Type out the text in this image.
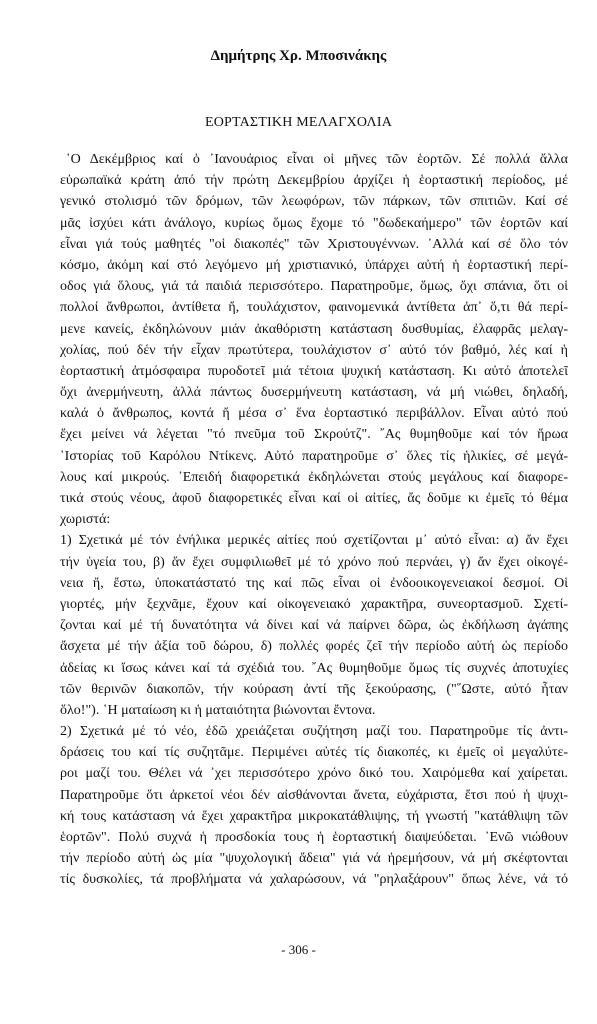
Δημήτρης Χρ. Μποσινάκης
ΕΟΡΤΑΣΤΙΚΗ ΜΕΛΑΓΧΟΛΙΑ
῾Ο Δεκέμβριος καί ὁ ᾿Ιανουάριος εἶναι οἱ μῆνες τῶν ἑορτῶν. Σέ πολλά ἄλλα
εὐρωπαϊκά κράτη ἀπό τήν πρώτη Δεκεμβρίου ἀρχίζει ἡ ἑορταστική περίοδος, μέ
γενικό στολισμό τῶν δρόμων, τῶν λεωφόρων, τῶν πάρκων, τῶν σπιτιῶν. Καί σέ
μᾶς ἰσχύει κάτι ἀνάλογο, κυρίως ὅμως ἔχομε τό "δωδεκαήμερο" τῶν ἑορτῶν καί
εἶναι γιά τούς μαθητές "οἱ διακοπές" τῶν Χριστουγέννων. ᾿Αλλά καί σέ ὅλο τόν
κόσμο, ἀκόμη καί στό λεγόμενο μή χριστιανικό, ὑπάρχει αὐτή ἡ ἑορταστική περί-
οδος γιά ὅλους, γιά τά παιδιά περισσότερο. Παρατηροῦμε, ὅμως, ὄχι σπάνια, ὅτι οἱ
πολλοί ἄνθρωποι, ἀντίθετα ἤ, τουλάχιστον, φαινομενικά ἀντίθετα ἀπ᾿ ὅ,τι θά περί-
μενε κανείς, ἐκδηλώνουν μιάν ἀκαθόριστη κατάσταση δυσθυμίας, ἐλαφρᾶς μελαγ-
χολίας, πού δέν τήν εἶχαν πρωτύτερα, τουλάχιστον σ᾿ αὐτό τόν βαθμό, λές καί ἡ
ἑορταστική ἀτμόσφαιρα πυροδοτεῖ μιά τέτοια ψυχική κατάσταση. Κι αὐτό ἀποτελεῖ
ὄχι ἀνερμήνευτη, ἀλλά πάντως δυσερμήνευτη κατάσταση, νά μή νιώθει, δηλαδή,
καλά ὁ ἄνθρωπος, κοντά ἤ μέσα σ᾿ ἕνα ἑορταστικό περιβάλλον. Εἶναι αὐτό πού
ἔχει μείνει νά λέγεται "τό πνεῦμα τοῦ Σκρούτζ". ῎Ας θυμηθοῦμε καί τόν ἥρωα
῾Ιστορίας τοῦ Καρόλου Ντίκενς. Αὐτό παρατηροῦμε σ᾿ ὅλες τίς ἡλικίες, σέ μεγά-
λους καί μικρούς. ᾿Επειδή διαφορετικά ἐκδηλώνεται στούς μεγάλους καί διαφορε-
τικά στούς νέους, ἀφοῦ διαφορετικές εἶναι καί οἱ αἰτίες, ἄς δοῦμε κι ἐμεῖς τό θέμα
χωριστά:
1) Σχετικά μέ τόν ἐνήλικα μερικές αἰτίες πού σχετίζονται μ᾿ αὐτό εἶναι: α) ἄν ἔχει
τήν ὑγεία του, β) ἄν ἔχει συμφιλιωθεῖ μέ τό χρόνο πού περνάει, γ) ἄν ἔχει οἰκογέ-
νεια ἤ, ἔστω, ὑποκατάστατό της καί πῶς εἶναι οἱ ἐνδοοικογενειακοί δεσμοί. Οἱ
γιορτές, μήν ξεχνᾶμε, ἔχουν καί οἰκογενειακό χαρακτῆρα, συνεορτασμοῦ. Σχετί-
ζονται καί μέ τή δυνατότητα νά δίνει καί νά παίρνει δῶρα, ὡς ἐκδήλωση ἀγάπης
ἄσχετα μέ τήν ἀξία τοῦ δώρου, δ) πολλές φορές ζεῖ τήν περίοδο αὐτή ὡς περίοδο
ἀδείας κι ἴσως κάνει καί τά σχέδιά του. ῎Ας θυμηθοῦμε ὅμως τίς συχνές ἀποτυχίες
τῶν θερινῶν διακοπῶν, τήν κούραση ἀντί τῆς ξεκούρασης, ("῞Ωστε, αὐτό ἦταν
ὅλο!"). ῾Η ματαίωση κι ἡ ματαιότητα βιώνονται ἔντονα.
2) Σχετικά μέ τό νέο, ἐδῶ χρειάζεται συζήτηση μαζί του. Παρατηροῦμε τίς ἀντι-
δράσεις του καί τίς συζητᾶμε. Περιμένει αὐτές τίς διακοπές, κι ἐμεῖς οἱ μεγαλύτε-
ροι μαζί του. Θέλει νά ᾿χει περισσότερο χρόνο δικό του. Χαιρόμεθα καί χαίρεται.
Παρατηροῦμε ὅτι ἀρκετοί νέοι δέν αἰσθάνονται ἄνετα, εὐχάριστα, ἔτσι πού ἡ ψυχι-
κή τους κατάσταση νά ἔχει χαρακτῆρα μικροκατάθλιψης, τή γνωστή "κατάθλιψη τῶν
ἑορτῶν". Πολύ συχνά ἡ προσδοκία τους ἡ ἑορταστική διαψεύδεται. ᾿Ενῶ νιώθουν
τήν περίοδο αὐτή ὡς μία "ψυχολογική ἄδεια" γιά νά ἠρεμήσουν, νά μή σκέφτονται
τίς δυσκολίες, τά προβλήματα νά χαλαρώσουν, νά "ρηλαξάρουν" ὅπως λένε, νά τό
- 306 -
